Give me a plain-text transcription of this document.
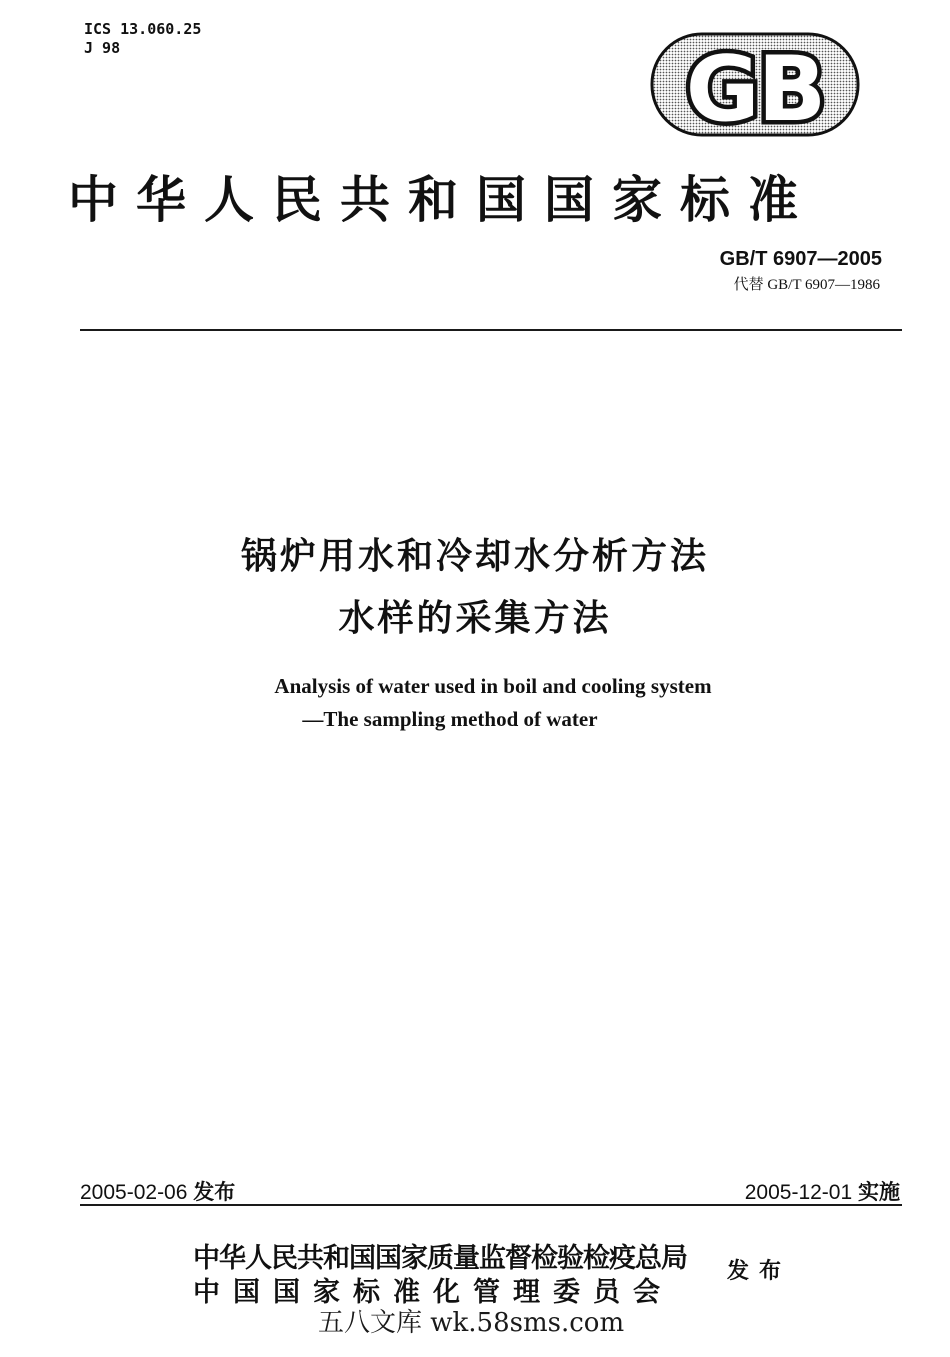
ICS 13.060.25
J 98	GB
中华人民共和国国家标准
GB/T 6907—2005
代替 GB/T 6907—1986
锅炉用水和冷却水分析方法
水样的采集方法
Analysis of water used in boil and cooling system
—The sampling method of water
2005-02-06 发布	2005-12-01 实施
中华人民共和国国家质量监督检验检疫总局
中国国家标准化管理委员会
发布
五八文库 wk.58sms.com
